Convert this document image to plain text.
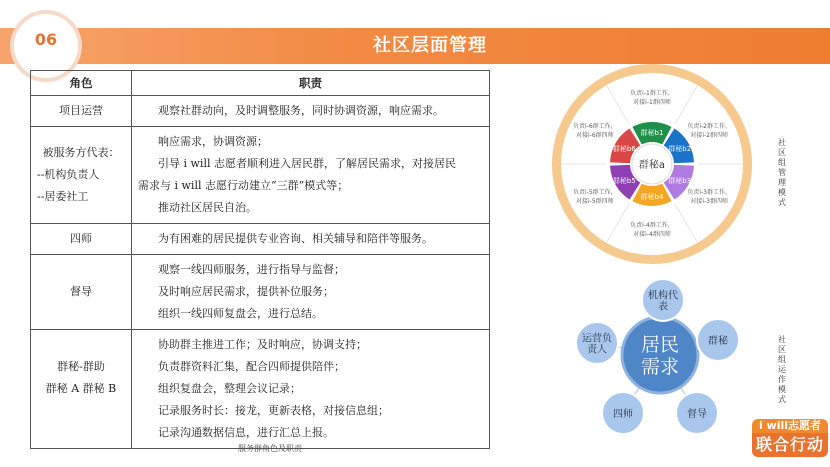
06	社区层面管理
角色	职责

项目运营	观察社群动向，及时调整服务，同时协调资源，响应需求。

被服务方代表：
--机构负责人
--居委社工	响应需求，协调资源；
引导 i will 志愿者顺利进入居民群，了解居民需求，对接居民
需求与 i will 志愿行动建立“三群”模式等；
推动社区居民自治。

四师	为有困难的居民提供专业咨询、相关辅导和陪伴等服务。

督导	观察一线四师服务，进行指导与监督；
及时响应居民需求，提供补位服务；
组织一线四师复盘会，进行总结。

群秘-群助
群秘 A 群秘 B	协助群主推进工作；及时响应，协调支持；
负责群资料汇集，配合四师提供陪伴；
组织复盘会，整理会议记录；
记录服务时长：接龙，更新表格，对接信息组；
记录沟通数据信息，进行汇总上报。
服务群角色及职责
群秘b1
负责i-1群工作，
对接i-1群四师
群秘b2
负责i-2群工作，
对接i-2群四师
群秘b3
负责i-3群工作，
对接i-3群四师
群秘b4
负责i-4群工作，
对接i-4群四师
群秘b5
负责i-5群工作，
对接i-5群四师
群秘b6
负责i-6群工作，
对接i-6群四师
群秘a
社区组管理模式
居民
需求
机构代
表
群秘
督导
四师
运营负
责人
社区组运作模式
i will志愿者
联合行动
